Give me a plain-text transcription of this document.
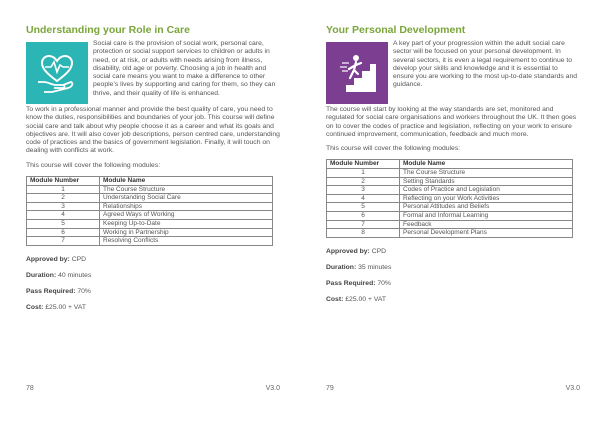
Understanding your Role in Care

Social care is the provision of social work, personal care, protection or social support services to children or adults in need, or at risk, or adults with needs arising from illness, disability, old age or poverty. Choosing a job in health and social care means you want to make a difference to other people’s lives by supporting and caring for them, so they can thrive, and their quality of life is enhanced.

To work in a professional manner and provide the best quality of care, you need to know the duties, responsibilities and boundaries of your job. This course will define social care and talk about why people choose it as a career and what its goals and objectives are. It will also cover job descriptions, person centred care, understanding code of practices and the basics of government legislation. Finally, it will touch on dealing with conflicts at work.

This course will cover the following modules:

Module Number	Module Name
1	The Course Structure
2	Understanding Social Care
3	Relationships
4	Agreed Ways of Working
5	Keeping Up-to-Date
6	Working in Partnership
7	Resolving Conflicts
Approved by: CPD
Duration: 40 minutes
Pass Required: 70%
Cost: £25.00 + VAT
78	V3.0
Your Personal Development

A key part of your progression within the adult social care sector will be focused on your personal development. In several sectors, it is even a legal requirement to continue to develop your skills and knowledge and it is essential to ensure you are working to the most up-to-date standards and guidance.

The course will start by looking at the way standards are set, monitored and regulated for social care organisations and workers throughout the UK. It then goes on to cover the codes of practice and legislation, reflecting on your work to ensure continued improvement, communication, feedback and much more.

This course will cover the following modules:

Module Number	Module Name
1	The Course Structure
2	Setting Standards
3	Codes of Practice and Legislation
4	Reflecting on your Work Activities
5	Personal Attitudes and Beliefs
6	Formal and Informal Learning
7	Feedback
8	Personal Development Plans
Approved by: CPD
Duration: 35 minutes
Pass Required: 70%
Cost: £25.00 + VAT
79	V3.0
